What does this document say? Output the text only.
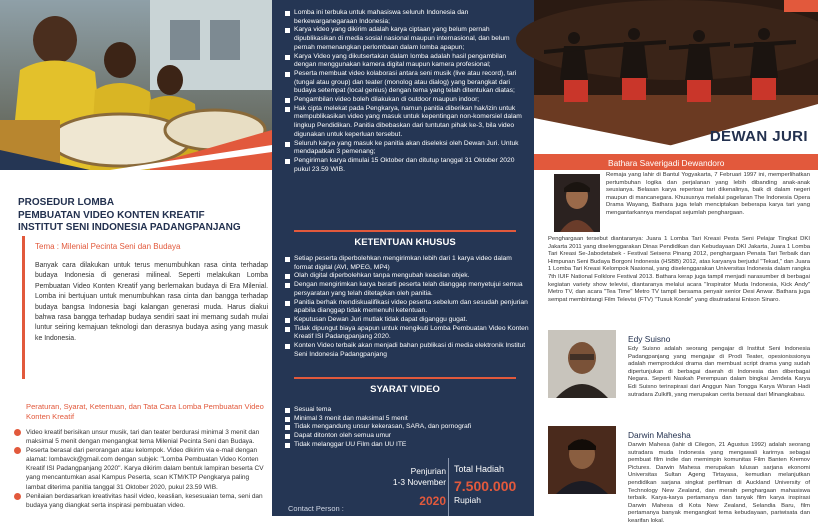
PROSEDUR LOMBA
PEMBUATAN VIDEO KONTEN KREATIF
INSTITUT SENI INDONESIA PADANGPANJANG
Tema : Milenial Pecinta Seni dan Budaya
Banyak cara dilakukan untuk terus menumbuhkan rasa cinta terhadap budaya Indonesia di generasi milineal. Seperti melakukan Lomba Pembuatan Video Konten Kreatif yang berlemakan budaya di Era Milenial. Lomba ini bertujuan untuk menumbuhkan rasa cinta dan bangga terhadap budaya bangsa Indonesia bagi kalangan generasi muda. Harus diakui bahwa rasa bangga terhadap budaya sendiri saat ini memang sudah mulai luntur seiring kemajuan teknologi dan derasnya budaya asing yang masuk ke Indonesia.
Peraturan, Syarat, Ketentuan, dan Tata Cara Lomba Pembuatan Video Konten Kreatif
Video kreatif berisikan unsur musik, tari dan teater berdurasi minimal 3 menit dan maksimal 5 menit dengan mengangkat tema Milenial Pecinta Seni dan Budaya.
Peserta berasal dari perorangan atau kelompok. Video dikirim via e-mail dengan alamat: lombavck@gmail.com dengan subjek: "Lomba Pembuatan Video Konten Kreatif ISI Padangpanjang 2020". Karya dikirim dalam bentuk lampiran beserta CV yang mencantumkan asal Kampus Peserta, scan KTM/KTP Pengkarya paling lambat diterima panitia tanggal 31 Oktober 2020, pukul 23.59 WIB.
Penilaian berdasarkan kreativitas hasil video, keaslian, kesesuaian tema, seni dan budaya yang diangkat serta inspirasi pembuatan video.
Lomba ini terbuka untuk mahasiswa seluruh Indonesia dan berkewarganegaraan Indonesia;
Karya video yang dikirim adalah karya ciptaan yang belum pernah dipublikasikan di media sosial nasional maupun internasional, dan belum pernah memenangkan perlombaan dalam lomba apapun;
Karya Video yang dikutsertakan dalam lomba adalah hasil pengambilan dengan menggunakan kamera digital maupun kamera profesional;
Peserta membuat video kolaborasi antara seni musik (live atau record), tari (tungal atau group) dan teater (monolog atau dialog) yang berangkat dari budaya setempat (local genius) dengan tema yang telah ditentukan diatas;
Pengambilan video boleh dilakukan di outdoor maupun indoor;
Hak cipta melekat pada Pengkarya, namun panitia diberikan hak/izin untuk mempublikasikan video yang masuk untuk kepentingan non-komersiel dalam lingkup Pendidikan. Panitia dibebaskan dari tuntutan pihak ke-3, bila video digunakan untuk keperluan tersebut.
Seluruh karya yang masuk ke panitia akan diseleksi oleh Dewan Juri. Untuk mendapatkan 3 pemenang;
Pengiriman karya dimulai 15 Oktober dan ditutup tanggal 31 Oktober 2020 pukul 23.59 WIB.
KETENTUAN KHUSUS
Setiap peserta diperbolehkan mengirimkan lebih dari 1 karya video dalam format digital (AVI, MPEG, MP4)
Olah digital diperbolehkan tanpa mengubah keaslian objek.
Dengan mengirimkan karya berarti peserta telah dianggap menyetujui semua persyaratan yang telah ditetapkan oleh panitia.
Panitia berhak mendiskualifikasi video peserta sebelum dan sesudah penjurian apabila dianggap tidak memenuhi ketentuan.
Keputusan Dewan Juri mutlak tidak dapat diganggu gugat.
Tidak dipungut biaya apapun untuk mengikuti Lomba Pembuatan Video Konten Kreatif ISI Padangpanjang 2020.
Konten Video terbaik akan menjadi bahan publikasi di media elektronik Institut Seni Indonesia Padangpanjang
SYARAT VIDEO
Sesuai tema
Minimal 3 menit dan maksimal 5 menit
Tidak mengandung unsur kekerasan, SARA, dan pornografi
Dapat ditonton oleh semua umur
Tidak melanggar UU Film dan UU ITE
Penjurian
1-3 November
2020
Total Hadiah
7.500.000
Rupiah
Contact Person :
DEWAN JURI
Bathara Saverigadi Dewandoro
Remaja yang lahir di Bantul Yogyakarta, 7 Februari 1997 ini, memperlihatkan pertumbuhan logika dan perjalanan yang lebih dibanding anak-anak seusianya. Belasan karya repertoar tari dikenalinya, baik di dalam negeri maupun di mancanegara. Khususnya melalui pagelaran The Indonesia Opera Drama Wayang, Bathara juga telah menciptakan beberapa karya tari yang mengantarkannya mendapat sejumlah penghargaan.
Penghargaan tersebut diantaranya: Juara 1 Lomba Tari Kreasi Pesta Seni Pelajar Tingkat DKI Jakarta 2011 yang diselenggarakan Dinas Pendidikan dan Kebudayaan DKI Jakarta, Juara 1 Lomba Tari Kreasi Se-Jabodetabek - Festival Seisens Pinang 2012, penghargaan Penata Tari Terbaik dan Himpunan Seni Budaya Borgoni Indonesia (HSBB) 2012, atas karyanya berjudul "Tekad," dan Juara 1 Lomba Tari Kreasi Kelompok Nasional, yang diselenggarakan Universitas Indonesia dalam rangka 7th IUIF National Folklore Festival 2013. Bathara kerap juga tampil menjadi narasumber di berbagai kegiatan variety show televisi, diantaranya melalui acara "Inspirator Muda Indonesia, Kick Andy" Metro TV, dan acara "Tea Time" Metro TV tampil bersama penyair senior Desi Anwar. Bathara juga sempat membintangi Film Televisi (FTV) "Tusuk Konde" yang disutradarai Enison Sinaro.
Edy Suisno
Edy Suisno adalah seorang pengajar di Institut Seni Indonesia Padangpanjang yang mengajar di Prodi Teater, opesionissionya adalah memproduksi drama dan membuat script drama yang sudah dipertunjukan di berbagai daerah di Indonesia dan diberbagai Negara. Seperti Naskah Perempuan dalam bingkai Jendela Karya Edi Suisno terinspirasi dari Anggun Nan Tongga Karya Wisran Hadi sutradara Zulkifli, yang merupakan cerita berasal dari Minangkabau.
Darwin Mahesha
Darwin Mahesa (lahir di Cilegon, 21 Agustus 1992) adalah seorang sutradara muda Indonesia yang mengawali karirnya sebagai pembuat film indie dan memimpin komunitas Film Banten Kremov Pictures. Darwin Mahesa merupakan lulusan sarjana ekonomi Universitas Sultan Ageng Tirtayasa, kemudian melanjutkan pendidikan sarjana singkat perfilman di Auckland University of Technology New Zealand, dan meraih penghargaan mahasiswa terbaik. Karya-karya pertamanya dan tanyak film karya inspirasi Darwin Mahesa di Kota New Zealand, Selandia Baru, film pertamanya banyak mengangkat tema kebudayaan, pariwisata dan kearifan lokal.
